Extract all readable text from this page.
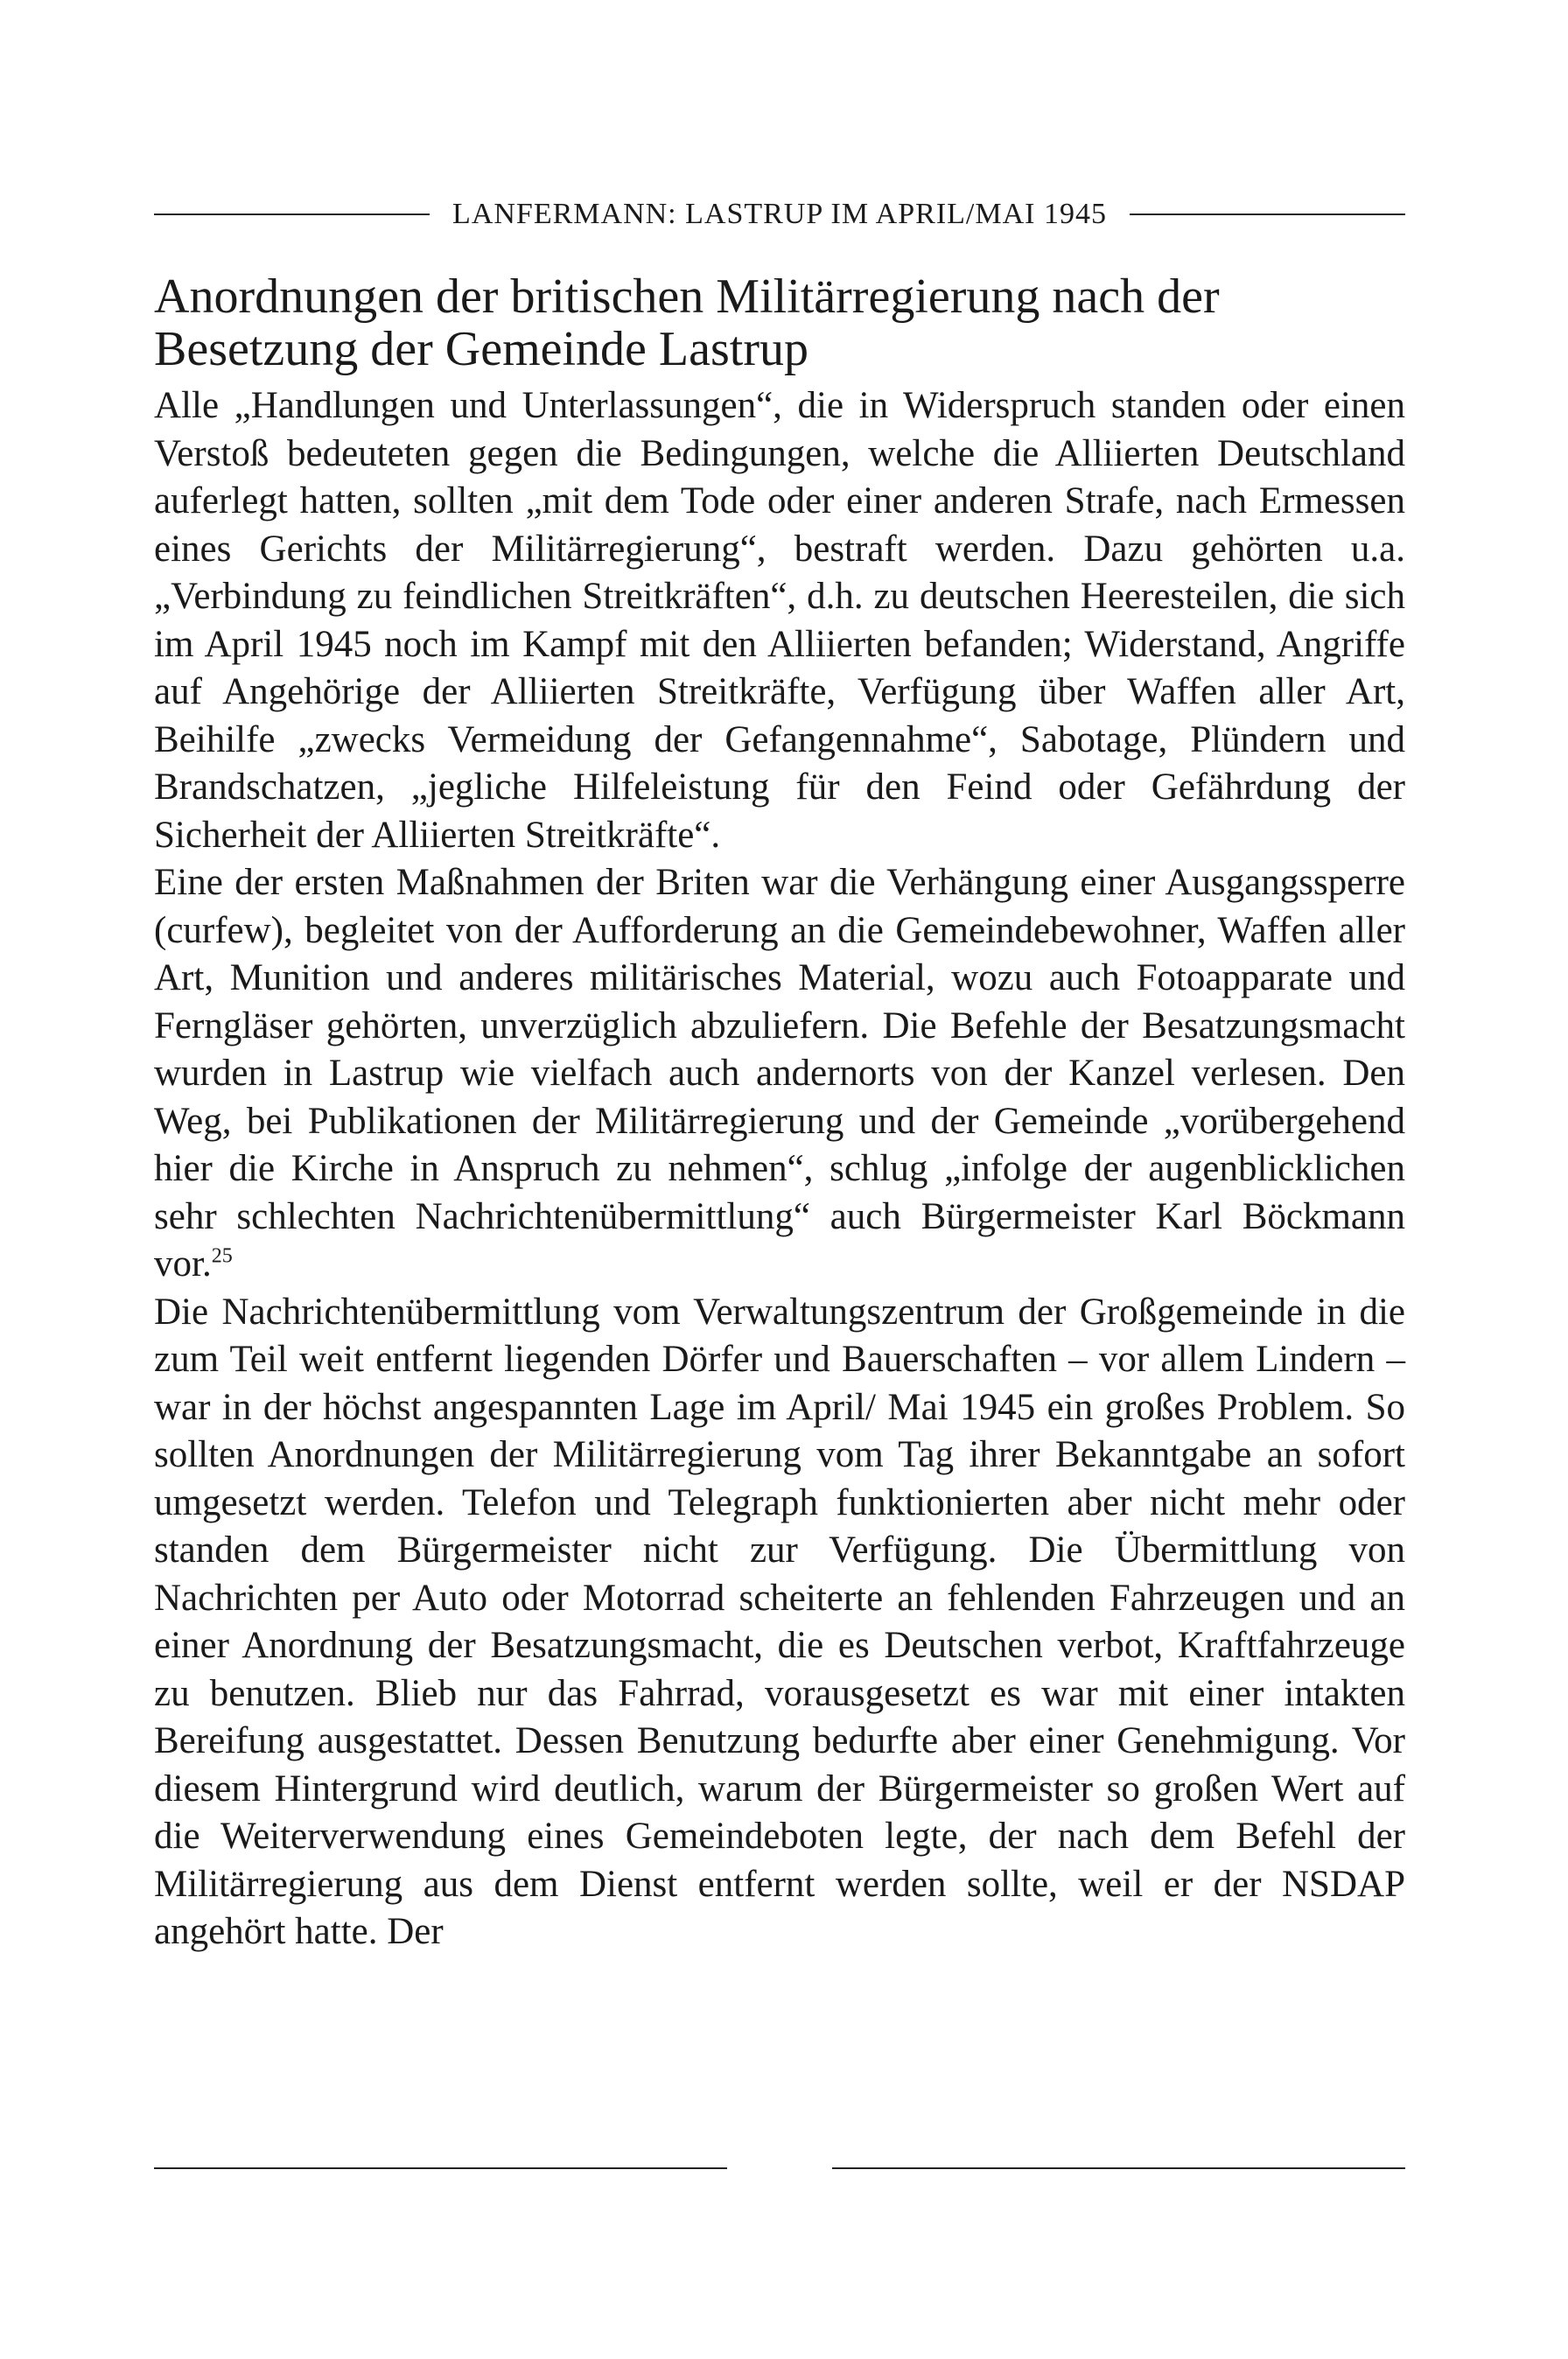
LANFERMANN: LASTRUP IM APRIL/MAI 1945
Anordnungen der britischen Militärregierung nach der Besetzung der Gemeinde Lastrup

Alle „Handlungen und Unterlassungen“, die in Widerspruch standen oder einen Verstoß bedeuteten gegen die Bedingungen, welche die Alliierten Deutschland auferlegt hatten, sollten „mit dem Tode oder einer anderen Strafe, nach Ermessen eines Gerichts der Militärregierung“, bestraft werden. Dazu gehörten u.a. „Verbindung zu feindlichen Streitkräften“, d.h. zu deutschen Heeresteilen, die sich im April 1945 noch im Kampf mit den Alliierten befanden; Widerstand, Angriffe auf Angehörige der Alliierten Streitkräfte, Verfügung über Waffen aller Art, Beihilfe „zwecks Vermeidung der Gefangennahme“, Sabotage, Plündern und Brandschatzen, „jegliche Hilfeleistung für den Feind oder Gefährdung der Sicherheit der Alliierten Streitkräfte“.

Eine der ersten Maßnahmen der Briten war die Verhängung einer Ausgangssperre (curfew), begleitet von der Aufforderung an die Gemeindebewohner, Waffen aller Art, Munition und anderes militärisches Material, wozu auch Fotoapparate und Ferngläser gehörten, unverzüglich abzuliefern. Die Befehle der Besatzungsmacht wurden in Lastrup wie vielfach auch andernorts von der Kanzel verlesen. Den Weg, bei Publikationen der Militärregierung und der Gemeinde „vorübergehend hier die Kirche in Anspruch zu nehmen“, schlug „infolge der augenblicklichen sehr schlechten Nachrichtenübermittlung“ auch Bürgermeister Karl Böckmann vor.$^{25}$

Die Nachrichtenübermittlung vom Verwaltungszentrum der Großgemeinde in die zum Teil weit entfernt liegenden Dörfer und Bauerschaften – vor allem Lindern – war in der höchst angespannten Lage im April/ Mai 1945 ein großes Problem. So sollten Anordnungen der Militärregierung vom Tag ihrer Bekanntgabe an sofort umgesetzt werden. Telefon und Telegraph funktionierten aber nicht mehr oder standen dem Bürgermeister nicht zur Verfügung. Die Übermittlung von Nachrichten per Auto oder Motorrad scheiterte an fehlenden Fahrzeugen und an einer Anordnung der Besatzungsmacht, die es Deutschen verbot, Kraftfahrzeuge zu benutzen. Blieb nur das Fahrrad, vorausgesetzt es war mit einer intakten Bereifung ausgestattet. Dessen Benutzung bedurfte aber einer Genehmigung. Vor diesem Hintergrund wird deutlich, warum der Bürgermeister so großen Wert auf die Weiterverwendung eines Gemeindeboten legte, der nach dem Befehl der Militärregierung aus dem Dienst entfernt werden sollte, weil er der NSDAP angehört hatte. Der
